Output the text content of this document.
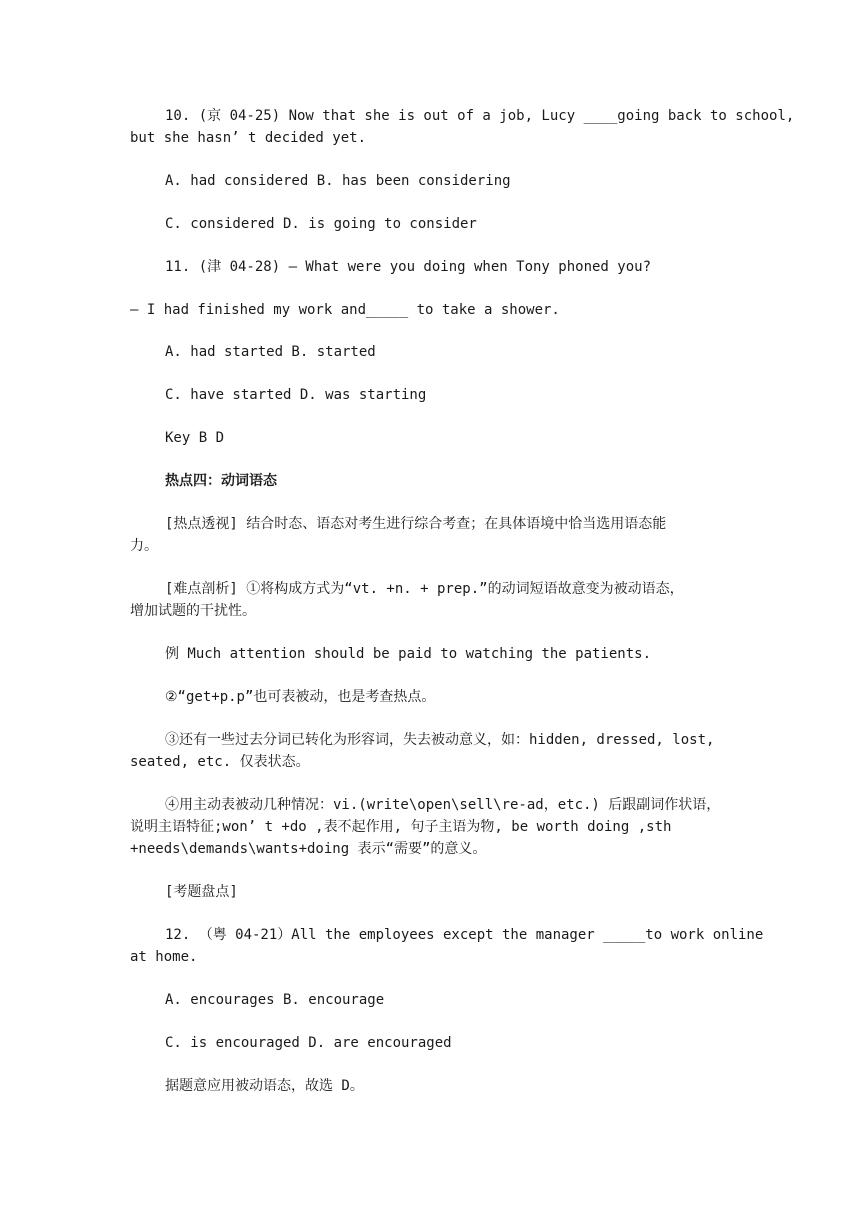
10. (京 04-25) Now that she is out of a job, Lucy ____going back to school,
but she hasn’ t decided yet.
A. had considered B. has been considering
C. considered D. is going to consider
11. (津 04-28) — What were you doing when Tony phoned you?
— I had finished my work and_____ to take a shower.
A. had started B. started
C. have started D. was starting
Key B D
热点四：动词语态
[热点透视] 结合时态、语态对考生进行综合考查；在具体语境中恰当选用语态能
力。
[难点剖析] ①将构成方式为“vt. +n. + prep.”的动词短语故意变为被动语态，
增加试题的干扰性。
例 Much attention should be paid to watching the patients.
②“get+p.p”也可表被动，也是考查热点。
③还有一些过去分词已转化为形容词，失去被动意义，如：hidden, dressed, lost,
seated, etc. 仅表状态。
④用主动表被动几种情况：vi.(write\open\sell\re-ad，etc.) 后跟副词作状语，
说明主语特征;won’ t +do ,表不起作用, 句子主语为物, be worth doing ,sth
+needs\demands\wants+doing 表示“需要”的意义。
[考题盘点]
12. （粤 04-21）All the employees except the manager _____to work online
at home.
A. encourages B. encourage
C. is encouraged D. are encouraged
据题意应用被动语态，故选 D。
